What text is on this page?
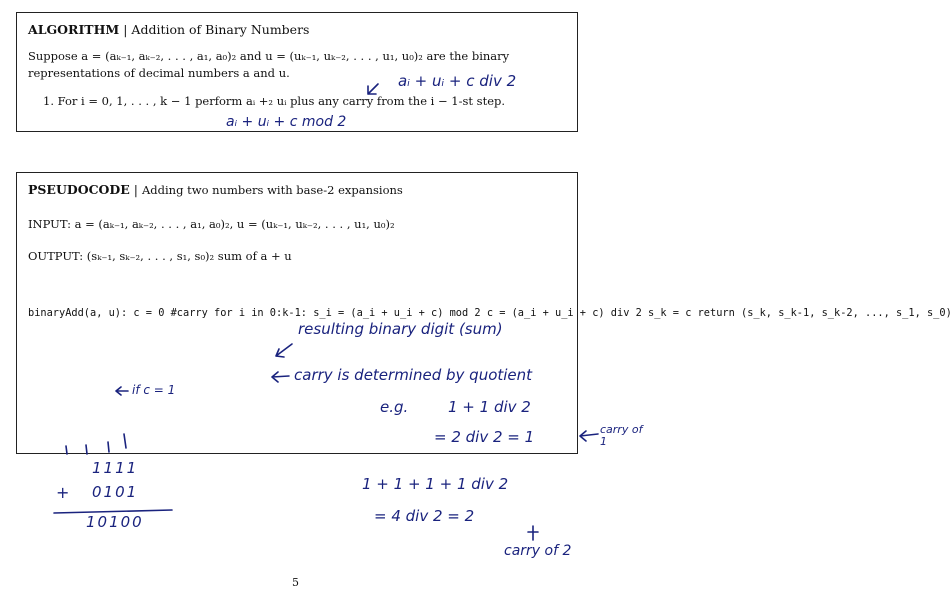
ALGORITHM | Addition of Binary Numbers
Suppose a = (aₖ₋₁, aₖ₋₂, . . . , a₁, a₀)₂ and u = (uₖ₋₁, uₖ₋₂, . . . , u₁, u₀)₂ are the binary
representations of decimal numbers a and u.
1. For i = 0, 1, . . . , k − 1 perform aᵢ +₂ uᵢ plus any carry from the i − 1-st step.
PSEUDOCODE | Adding two numbers with base-2 expansions
INPUT: a = (aₖ₋₁, aₖ₋₂, . . . , a₁, a₀)₂, u = (uₖ₋₁, uₖ₋₂, . . . , u₁, u₀)₂
OUTPUT: (sₖ₋₁, sₖ₋₂, . . . , s₁, s₀)₂ sum of a + u
binaryAdd(a, u): c = 0 #carry for i in 0:k-1: s_i = (a_i + u_i + c) mod 2 c = (a_i + u_i + c) div 2 s_k = c return (s_k, s_k-1, s_k-2, ..., s_1, s_0)
aᵢ + uᵢ + c div 2
aᵢ + uᵢ + c mod 2
resulting binary digit (sum)
carry is determined by quotient
if c = 1
e.g.	1 + 1 div 2
= 2 div 2 = 1	carry of 1
1 + 1 + 1 + 1 div 2
= 4 div 2 = 2
carry of 2
1111
+ 0101
10100
5
